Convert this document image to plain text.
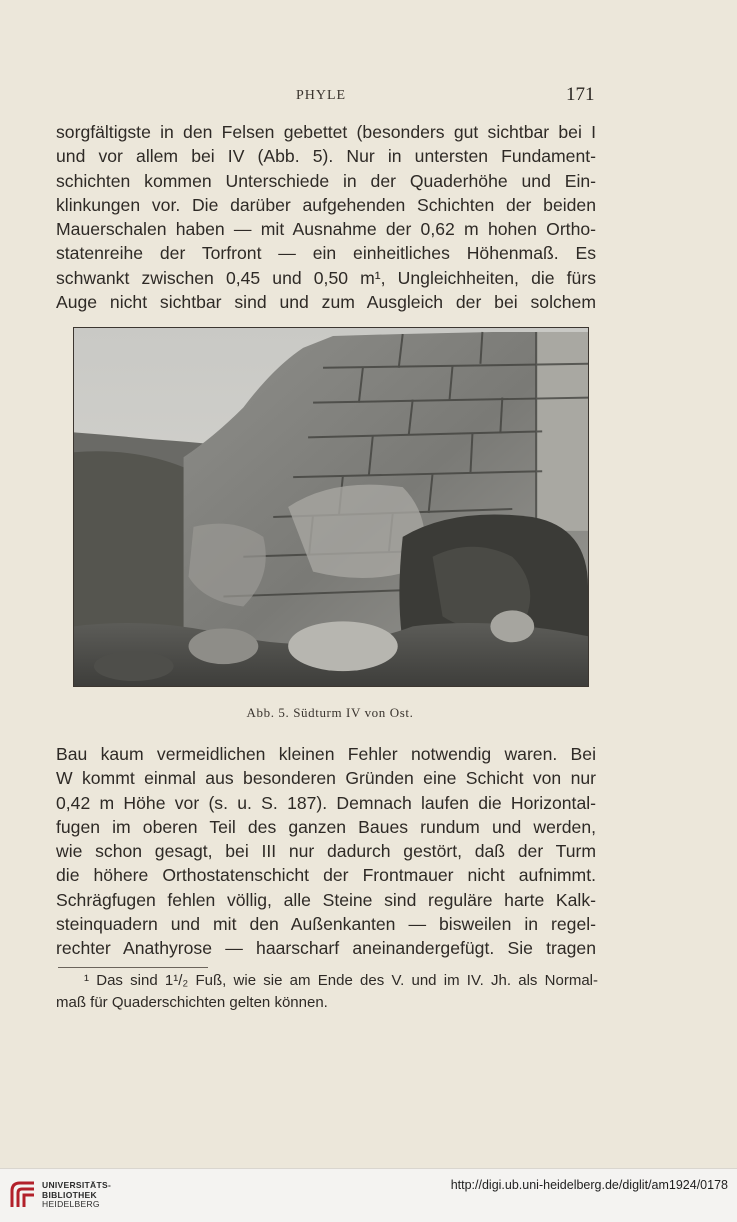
PHYLE	171
sorgfältigste in den Felsen gebettet (besonders gut sichtbar bei I
und vor allem bei IV (Abb. 5). Nur in untersten Fundament-
schichten kommen Unterschiede in der Quaderhöhe und Ein-
klinkungen vor. Die darüber aufgehenden Schichten der beiden
Mauerschalen haben — mit Ausnahme der 0,62 m hohen Ortho-
statenreihe der Torfront — ein einheitliches Höhenmaß. Es
schwankt zwischen 0,45 und 0,50 m¹, Ungleichheiten, die fürs
Auge nicht sichtbar sind und zum Ausgleich der bei solchem
Abb. 5. Südturm IV von Ost.
Bau kaum vermeidlichen kleinen Fehler notwendig waren. Bei
W kommt einmal aus besonderen Gründen eine Schicht von nur
0,42 m Höhe vor (s. u. S. 187). Demnach laufen die Horizontal-
fugen im oberen Teil des ganzen Baues rundum und werden,
wie schon gesagt, bei III nur dadurch gestört, daß der Turm
die höhere Orthostatenschicht der Frontmauer nicht aufnimmt.
Schrägfugen fehlen völlig, alle Steine sind reguläre harte Kalk-
steinquadern und mit den Außenkanten — bisweilen in regel-
rechter Anathyrose — haarscharf aneinandergefügt. Sie tragen
¹ Das sind 1¹/₂ Fuß, wie sie am Ende des V. und im IV. Jh. als Normal-
maß für Quaderschichten gelten können.
UNIVERSITÄTS-
BIBLIOTHEK
HEIDELBERG
http://digi.ub.uni-heidelberg.de/diglit/am1924/0178
